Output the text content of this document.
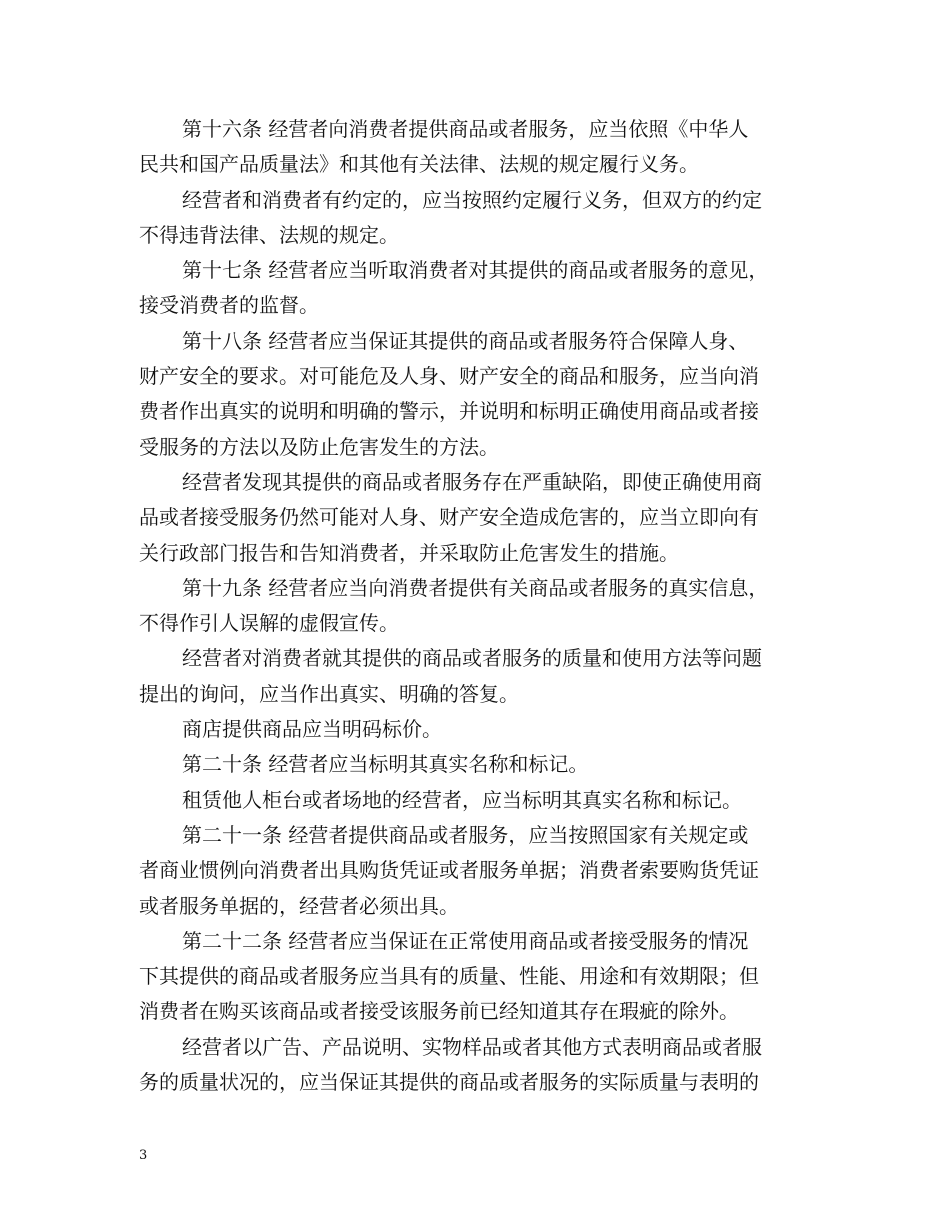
第十六条 经营者向消费者提供商品或者服务，应当依照《中华人
民共和国产品质量法》和其他有关法律、法规的规定履行义务。
经营者和消费者有约定的，应当按照约定履行义务，但双方的约定
不得违背法律、法规的规定。
第十七条 经营者应当听取消费者对其提供的商品或者服务的意见，
接受消费者的监督。
第十八条 经营者应当保证其提供的商品或者服务符合保障人身、
财产安全的要求。对可能危及人身、财产安全的商品和服务，应当向消
费者作出真实的说明和明确的警示，并说明和标明正确使用商品或者接
受服务的方法以及防止危害发生的方法。
经营者发现其提供的商品或者服务存在严重缺陷，即使正确使用商
品或者接受服务仍然可能对人身、财产安全造成危害的，应当立即向有
关行政部门报告和告知消费者，并采取防止危害发生的措施。
第十九条 经营者应当向消费者提供有关商品或者服务的真实信息，
不得作引人误解的虚假宣传。
经营者对消费者就其提供的商品或者服务的质量和使用方法等问题
提出的询问，应当作出真实、明确的答复。
商店提供商品应当明码标价。
第二十条 经营者应当标明其真实名称和标记。
租赁他人柜台或者场地的经营者，应当标明其真实名称和标记。
第二十一条 经营者提供商品或者服务，应当按照国家有关规定或
者商业惯例向消费者出具购货凭证或者服务单据；消费者索要购货凭证
或者服务单据的，经营者必须出具。
第二十二条 经营者应当保证在正常使用商品或者接受服务的情况
下其提供的商品或者服务应当具有的质量、性能、用途和有效期限；但
消费者在购买该商品或者接受该服务前已经知道其存在瑕疵的除外。
经营者以广告、产品说明、实物样品或者其他方式表明商品或者服
务的质量状况的，应当保证其提供的商品或者服务的实际质量与表明的
3
